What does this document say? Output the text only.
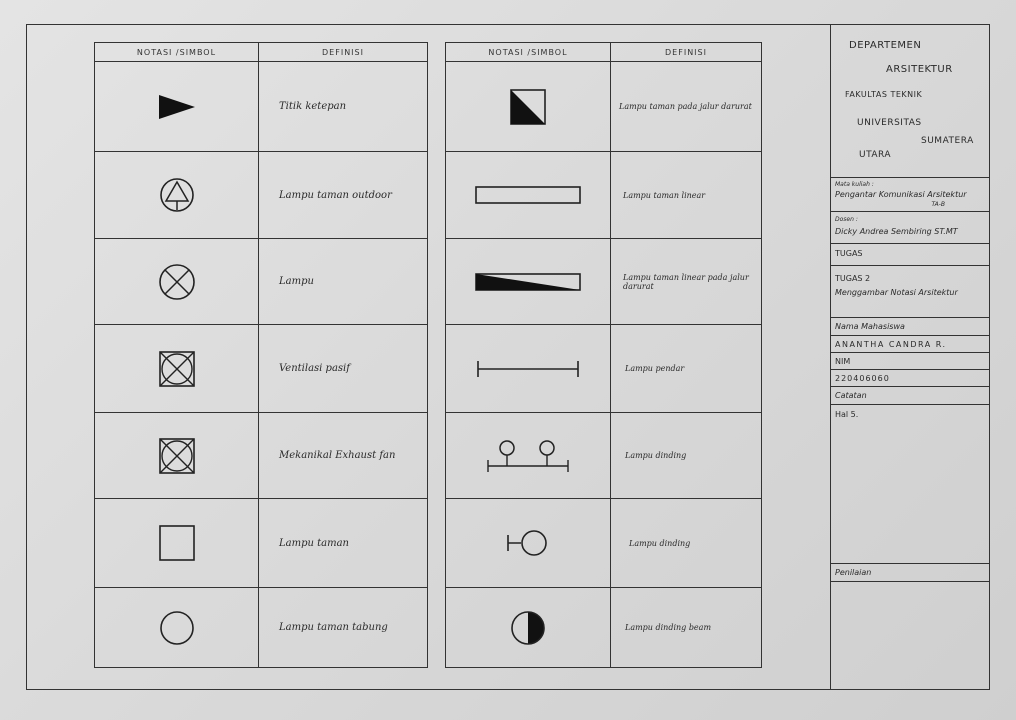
NOTASI /SIMBOL	DEFINISI

	Titik ketepan

	Lampu taman outdoor

	Lampu

	Ventilasi pasif

	Mekanikal Exhaust fan

	Lampu taman

	Lampu taman tabung
NOTASI /SIMBOL	DEFINISI

	Lampu taman pada jalur darurat

	Lampu taman linear

	Lampu taman linear pada jalur darurat

	Lampu pendar

	Lampu dinding

	Lampu dinding

	Lampu dinding beam
DEPARTEMEN
ARSITEKTUR
FAKULTAS TEKNIK
UNIVERSITAS
SUMATERA
UTARA
Mata kuliah :
Pengantar Komunikasi Arsitektur
TA-B
Dosen :
Dicky Andrea Sembiring ST.MT
TUGAS
TUGAS 2
Menggambar Notasi Arsitektur
Nama Mahasiswa
ANANTHA CANDRA R.
NIM
220406060
Catatan
Hal 5.
Penilaian
